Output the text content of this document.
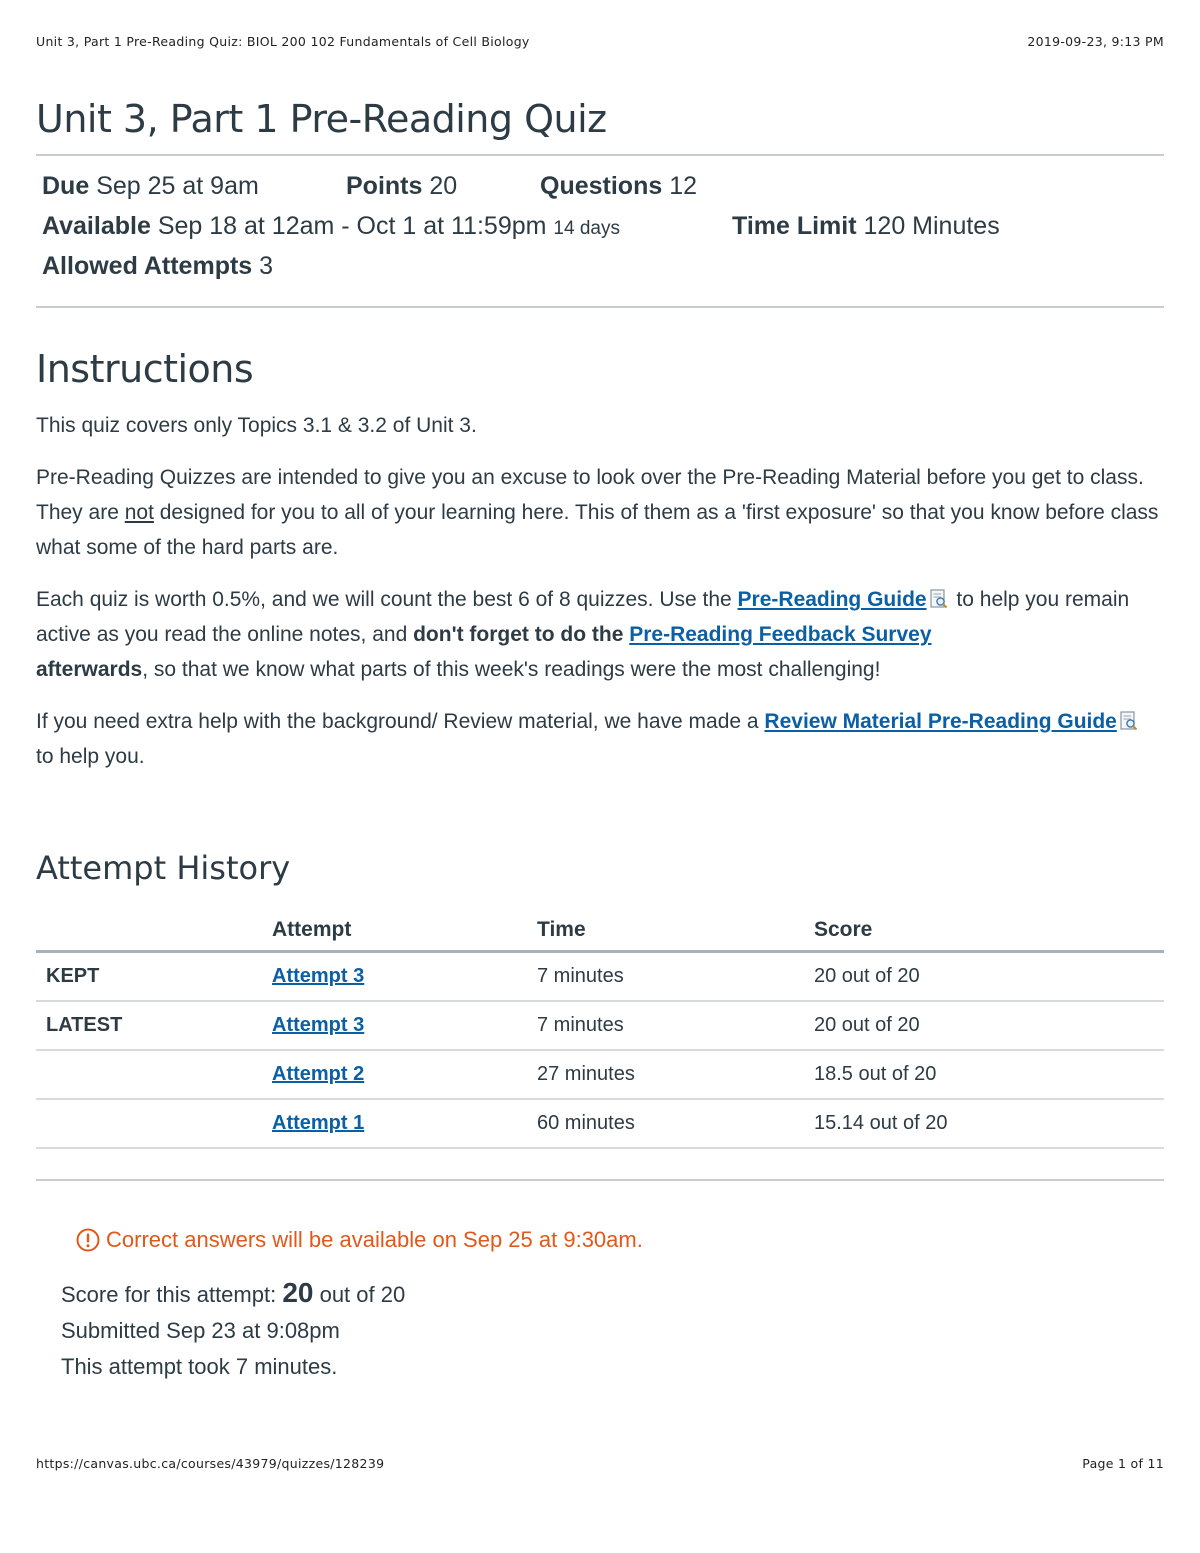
Unit 3, Part 1 Pre-Reading Quiz: BIOL 200 102 Fundamentals of Cell Biology	2019-09-23, 9:13 PM
Unit 3, Part 1 Pre-Reading Quiz
Due Sep 25 at 9am	Points 20	Questions 12
Available Sep 18 at 12am - Oct 1 at 11:59pm 14 days	Time Limit 120 Minutes
Allowed Attempts 3
Instructions

This quiz covers only Topics 3.1 & 3.2 of Unit 3.

Pre-Reading Quizzes are intended to give you an excuse to look over the Pre-Reading Material before you get to class. They are not designed for you to all of your learning here. This of them as a 'first exposure' so that you know before class what some of the hard parts are.

Each quiz is worth 0.5%, and we will count the best 6 of 8 quizzes. Use the Pre-Reading Guide to help you remain active as you read the online notes, and don't forget to do the Pre-Reading Feedback Survey
afterwards, so that we know what parts of this week's readings were the most challenging!

If you need extra help with the background/ Review material, we have made a Review Material Pre-Reading Guide to help you.

Attempt History
	Attempt	Time	Score
KEPT	Attempt 3	7 minutes	20 out of 20
LATEST	Attempt 3	7 minutes	20 out of 20
	Attempt 2	27 minutes	18.5 out of 20
	Attempt 1	60 minutes	15.14 out of 20
Correct answers will be available on Sep 25 at 9:30am.
Score for this attempt: 20 out of 20
Submitted Sep 23 at 9:08pm
This attempt took 7 minutes.
https://canvas.ubc.ca/courses/43979/quizzes/128239	Page 1 of 11
